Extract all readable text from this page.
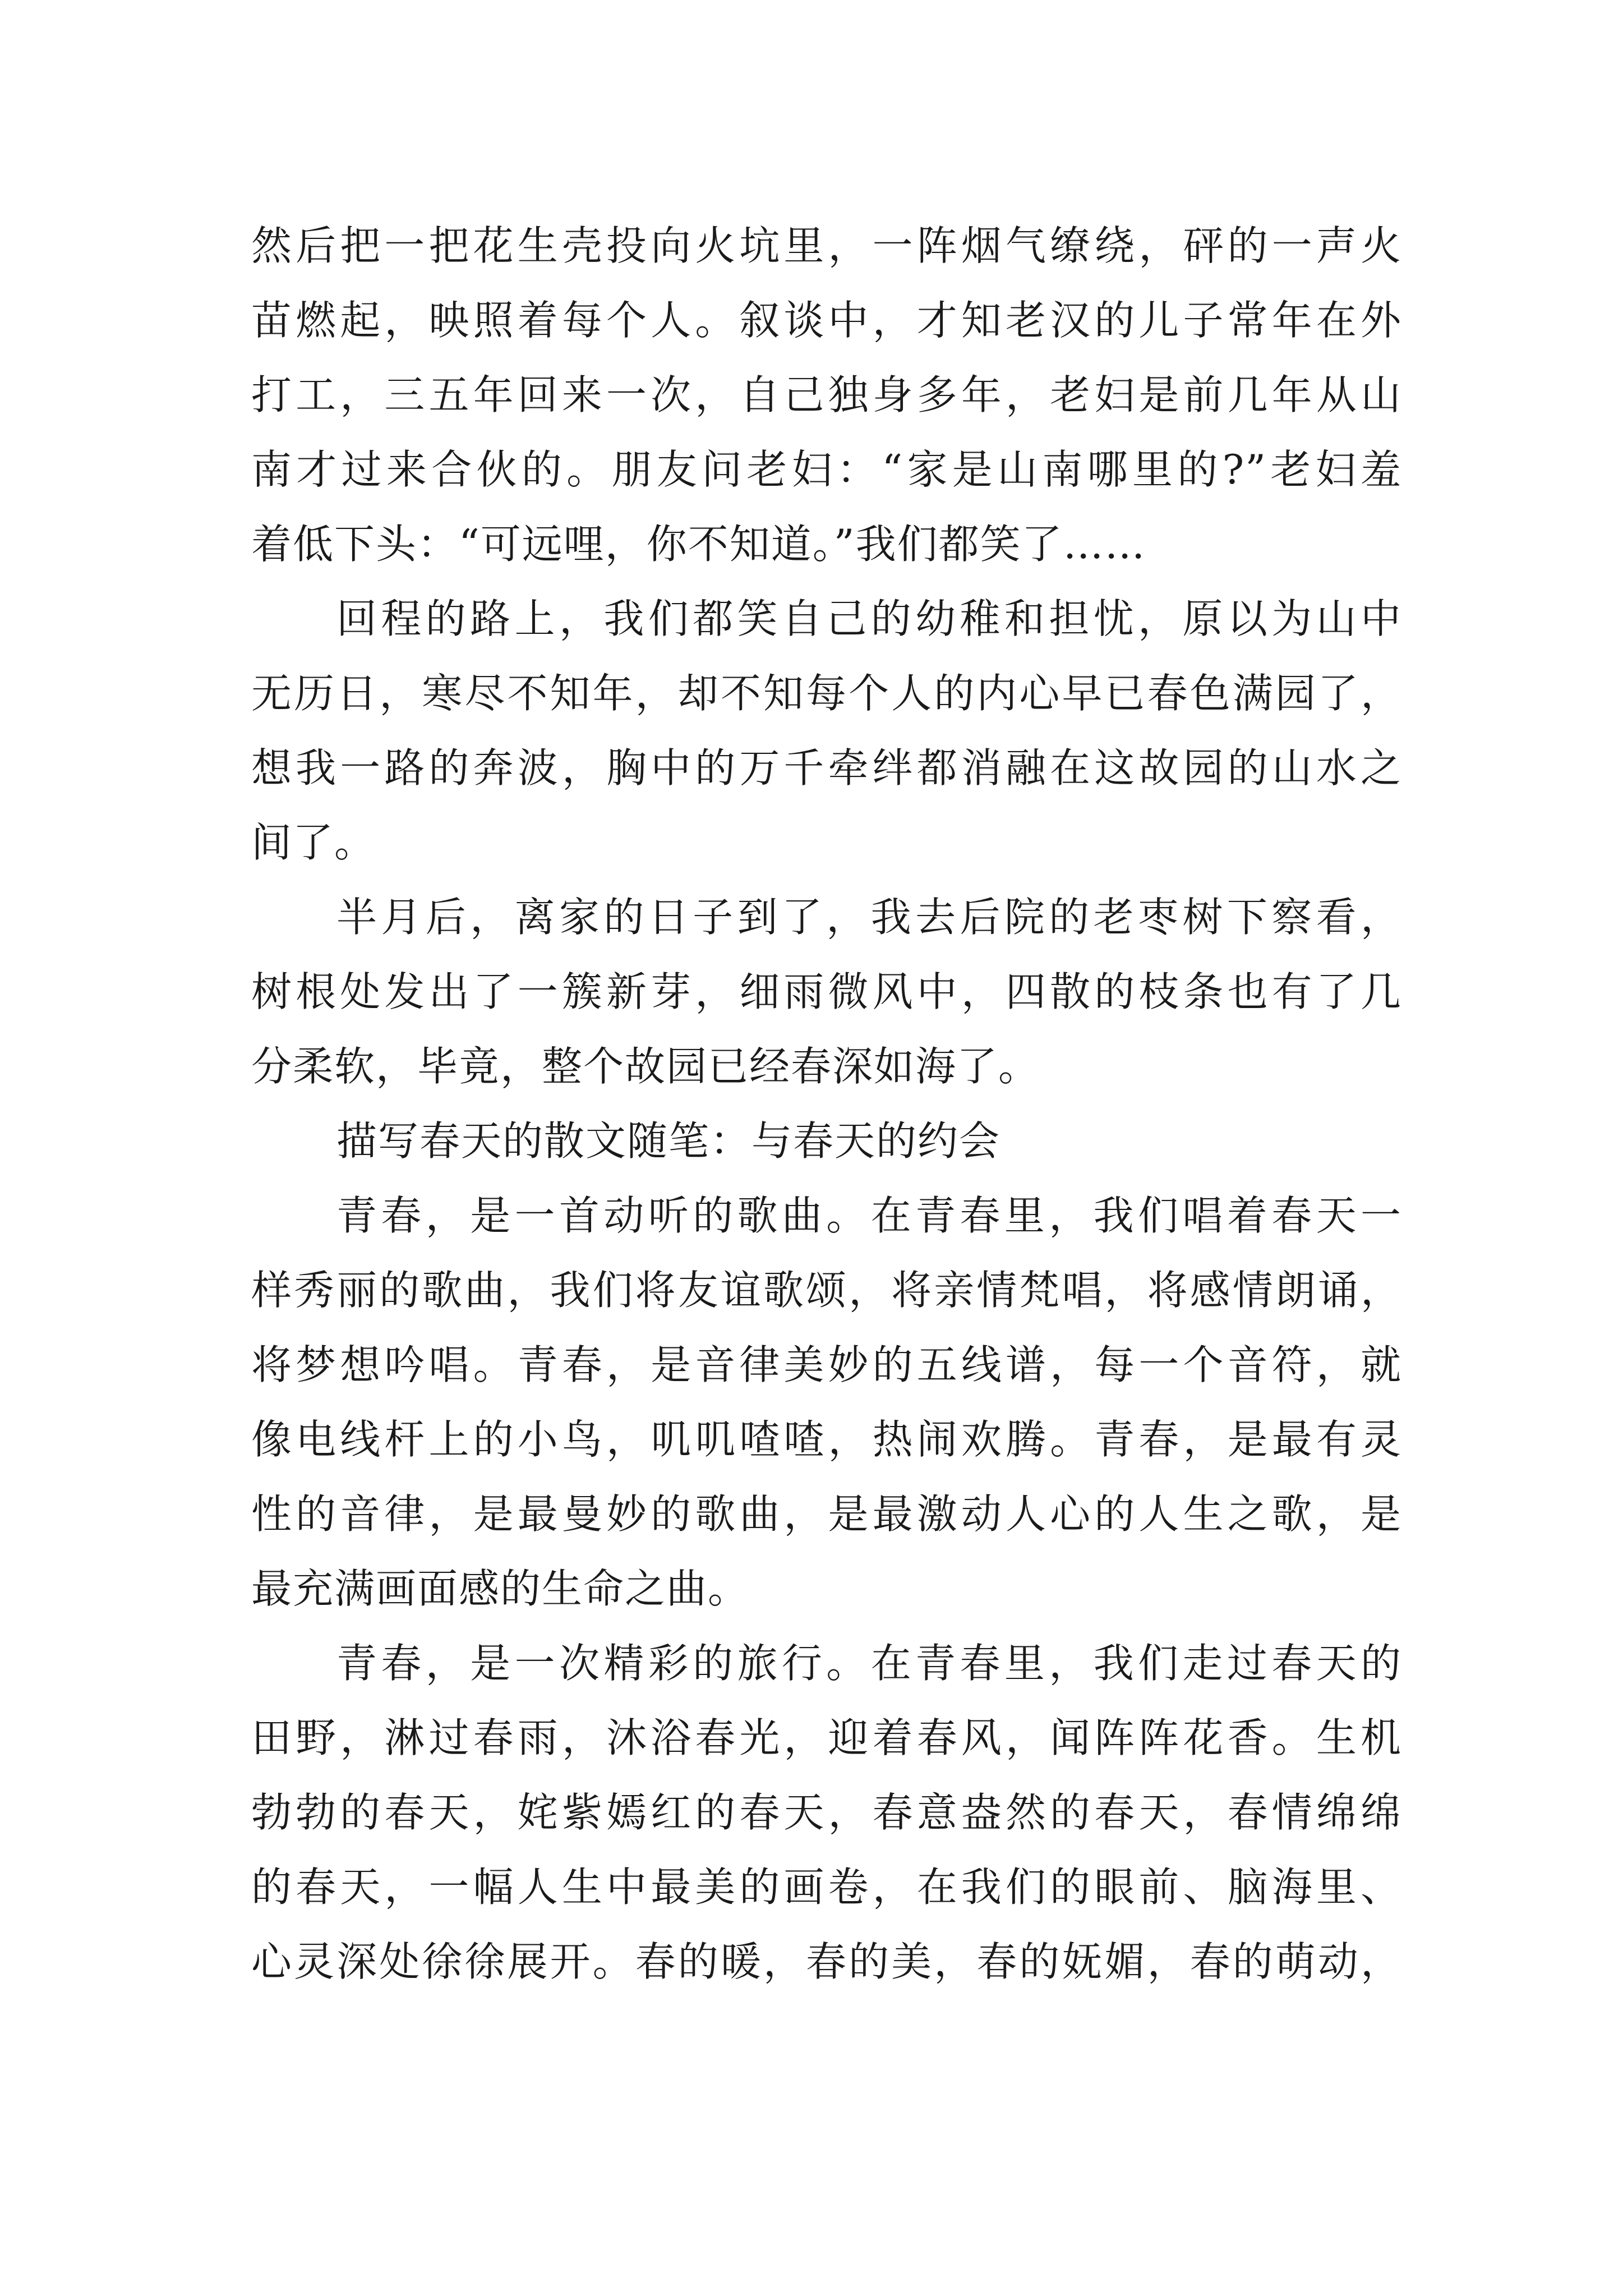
然后把一把花生壳投向火坑里，一阵烟气缭绕，砰的一声火
苗燃起，映照着每个人。叙谈中，才知老汉的儿子常年在外
打工，三五年回来一次，自己独身多年，老妇是前几年从山
南才过来合伙的。朋友问老妇：“家是山南哪里的?”老妇羞
着低下头：“可远哩，你不知道。”我们都笑了……
回程的路上，我们都笑自己的幼稚和担忧，原以为山中
无历日，寒尽不知年，却不知每个人的内心早已春色满园了，
想我一路的奔波，胸中的万千牵绊都消融在这故园的山水之
间了。
半月后，离家的日子到了，我去后院的老枣树下察看，
树根处发出了一簇新芽，细雨微风中，四散的枝条也有了几
分柔软，毕竟，整个故园已经春深如海了。
描写春天的散文随笔：与春天的约会
青春，是一首动听的歌曲。在青春里，我们唱着春天一
样秀丽的歌曲，我们将友谊歌颂，将亲情梵唱，将感情朗诵，
将梦想吟唱。青春，是音律美妙的五线谱，每一个音符，就
像电线杆上的小鸟，叽叽喳喳，热闹欢腾。青春，是最有灵
性的音律，是最曼妙的歌曲，是最激动人心的人生之歌，是
最充满画面感的生命之曲。
青春，是一次精彩的旅行。在青春里，我们走过春天的
田野，淋过春雨，沐浴春光，迎着春风，闻阵阵花香。生机
勃勃的春天，姹紫嫣红的春天，春意盎然的春天，春情绵绵
的春天，一幅人生中最美的画卷，在我们的眼前、脑海里、
心灵深处徐徐展开。春的暖，春的美，春的妩媚，春的萌动，
